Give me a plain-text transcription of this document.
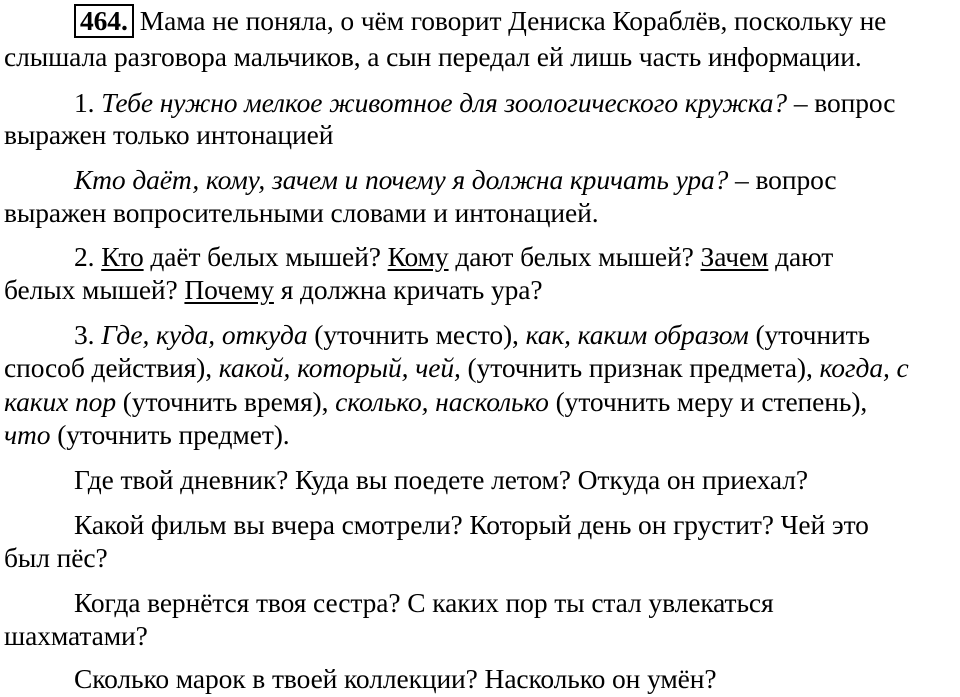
464. Мама не поняла, о чём говорит Дениска Кораблёв, поскольку не
слышала разговора мальчиков, а сын передал ей лишь часть информации.
1. Тебе нужно мелкое животное для зоологического кружка? – вопрос
выражен только интонацией
Кто даёт, кому, зачем и почему я должна кричать ура? – вопрос
выражен вопросительными словами и интонацией.
2. Кто даёт белых мышей? Кому дают белых мышей? Зачем дают
белых мышей? Почему я должна кричать ура?
3. Где, куда, откуда (уточнить место), как, каким образом (уточнить
способ действия), какой, который, чей, (уточнить признак предмета), когда, с
каких пор (уточнить время), сколько, насколько (уточнить меру и степень),
что (уточнить предмет).
Где твой дневник? Куда вы поедете летом? Откуда он приехал?
Какой фильм вы вчера смотрели? Который день он грустит? Чей это
был пёс?
Когда вернётся твоя сестра? С каких пор ты стал увлекаться
шахматами?
Сколько марок в твоей коллекции? Насколько он умён?
